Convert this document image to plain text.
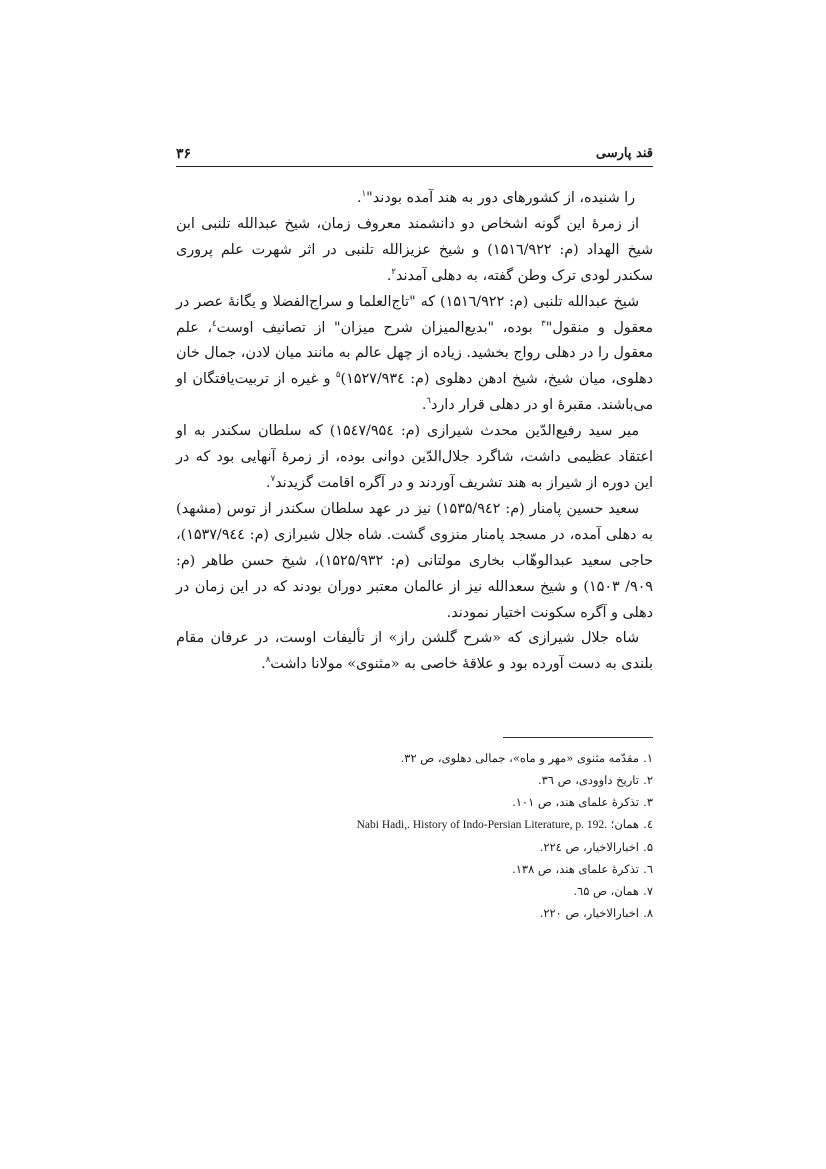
قند پارسی
۳۶

را شنیده، از کشورهای دور به هند آمده بودند"$^۱$.

از زمرهٔ این گونه اشخاص دو دانشمند معروف زمان، شیخ عبدالله تلنبی ابن شیخ الهداد (م: ۱۵۱٦/۹۲۲) و شیخ عزیزالله تلنبی در اثر شهرت علم پروری سکندر لودی ترک وطن گفته، به دهلی آمدند$^۲$.

شیخ عبدالله تلنبی (م: ۱۵۱٦/۹۲۲) که "تاج‌العلما و سراج‌الفضلا و یگانهٔ عصر در معقول و منقول"$^۳$ بوده، "بدیع‌المیزان شرح میزان" از تصانیف اوست$^٤$، علم معقول را در دهلی رواج بخشید. زیاده از چهل عالم به مانند میان لادن، جمال خان دهلوی، میان شیخ، شیخ ادهن دهلوی (م: ۱۵۲۷/۹۳٤)$^۵$ و غیره از تربیت‌یافتگان او می‌باشند. مقبرهٔ او در دهلی قرار دارد$^٦$.

میر سید رفیع‌الدّین محدث شیرازی (م: ۱۵٤۷/۹۵٤) که سلطان سکندر به او اعتقاد عظیمی داشت، شاگرد جلال‌الدّین دوانی بوده، از زمرهٔ آنهایی بود که در این دوره از شیراز به هند تشریف آوردند و در آگره اقامت گزیدند$^۷$.

سعید حسین پامنار (م: ۱۵۳۵/۹٤۲) نیز در عهد سلطان سکندر از توس (مشهد) به دهلی آمده، در مسجد پامنار منزوی گشت. شاه جلال شیرازی (م: ۱۵۳۷/۹٤٤)، حاجی سعید عبدالوهّاب بخاری مولتانی (م: ۱۵۲۵/۹۳۲)، شیخ حسن طاهر (م: ۹۰۹/ ۱۵۰۳) و شیخ سعدالله نیز از عالمان معتبر دوران بودند که در این زمان در دهلی و آگره سکونت اختیار نمودند.

شاه جلال شیرازی که «شرح گلشن راز» از تألیفات اوست، در عرفان مقام بلندی به دست آورده بود و علاقهٔ خاصی به «مثنوی» مولانا داشت$^۸$.

۱.مقدّمه مثنوی «مهر و ماه»، جمالی دهلوی، ص ۳۲.
۲.تاریخ داوودی، ص ۳٦.
۳.تذکرهٔ علمای هند، ص ۱۰۱.
٤.همان؛ Nabi Hadi,. History of Indo-Persian Literature, p. 192.
۵.اخبارالاخیار، ص ۲۲٤.
٦.تذکرهٔ علمای هند، ص ۱۳۸.
۷.همان، ص ٦۵.
۸.اخبارالاخیار، ص ۲۲۰.
